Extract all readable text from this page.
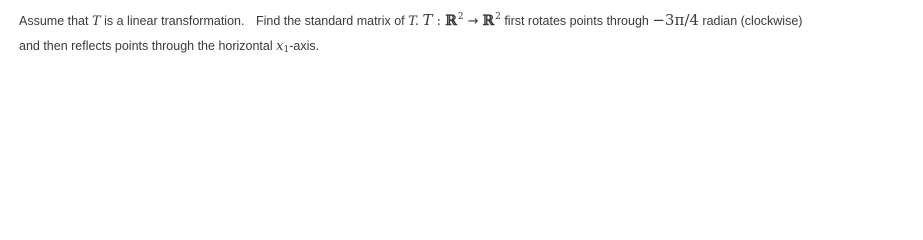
Assume that T is a linear transformation. Find the standard matrix of T. T : ℝ$^2$ → ℝ$^2$ first rotates points through −3π/4 radian (clockwise)
and then reflects points through the horizontal $x_1$-axis.
